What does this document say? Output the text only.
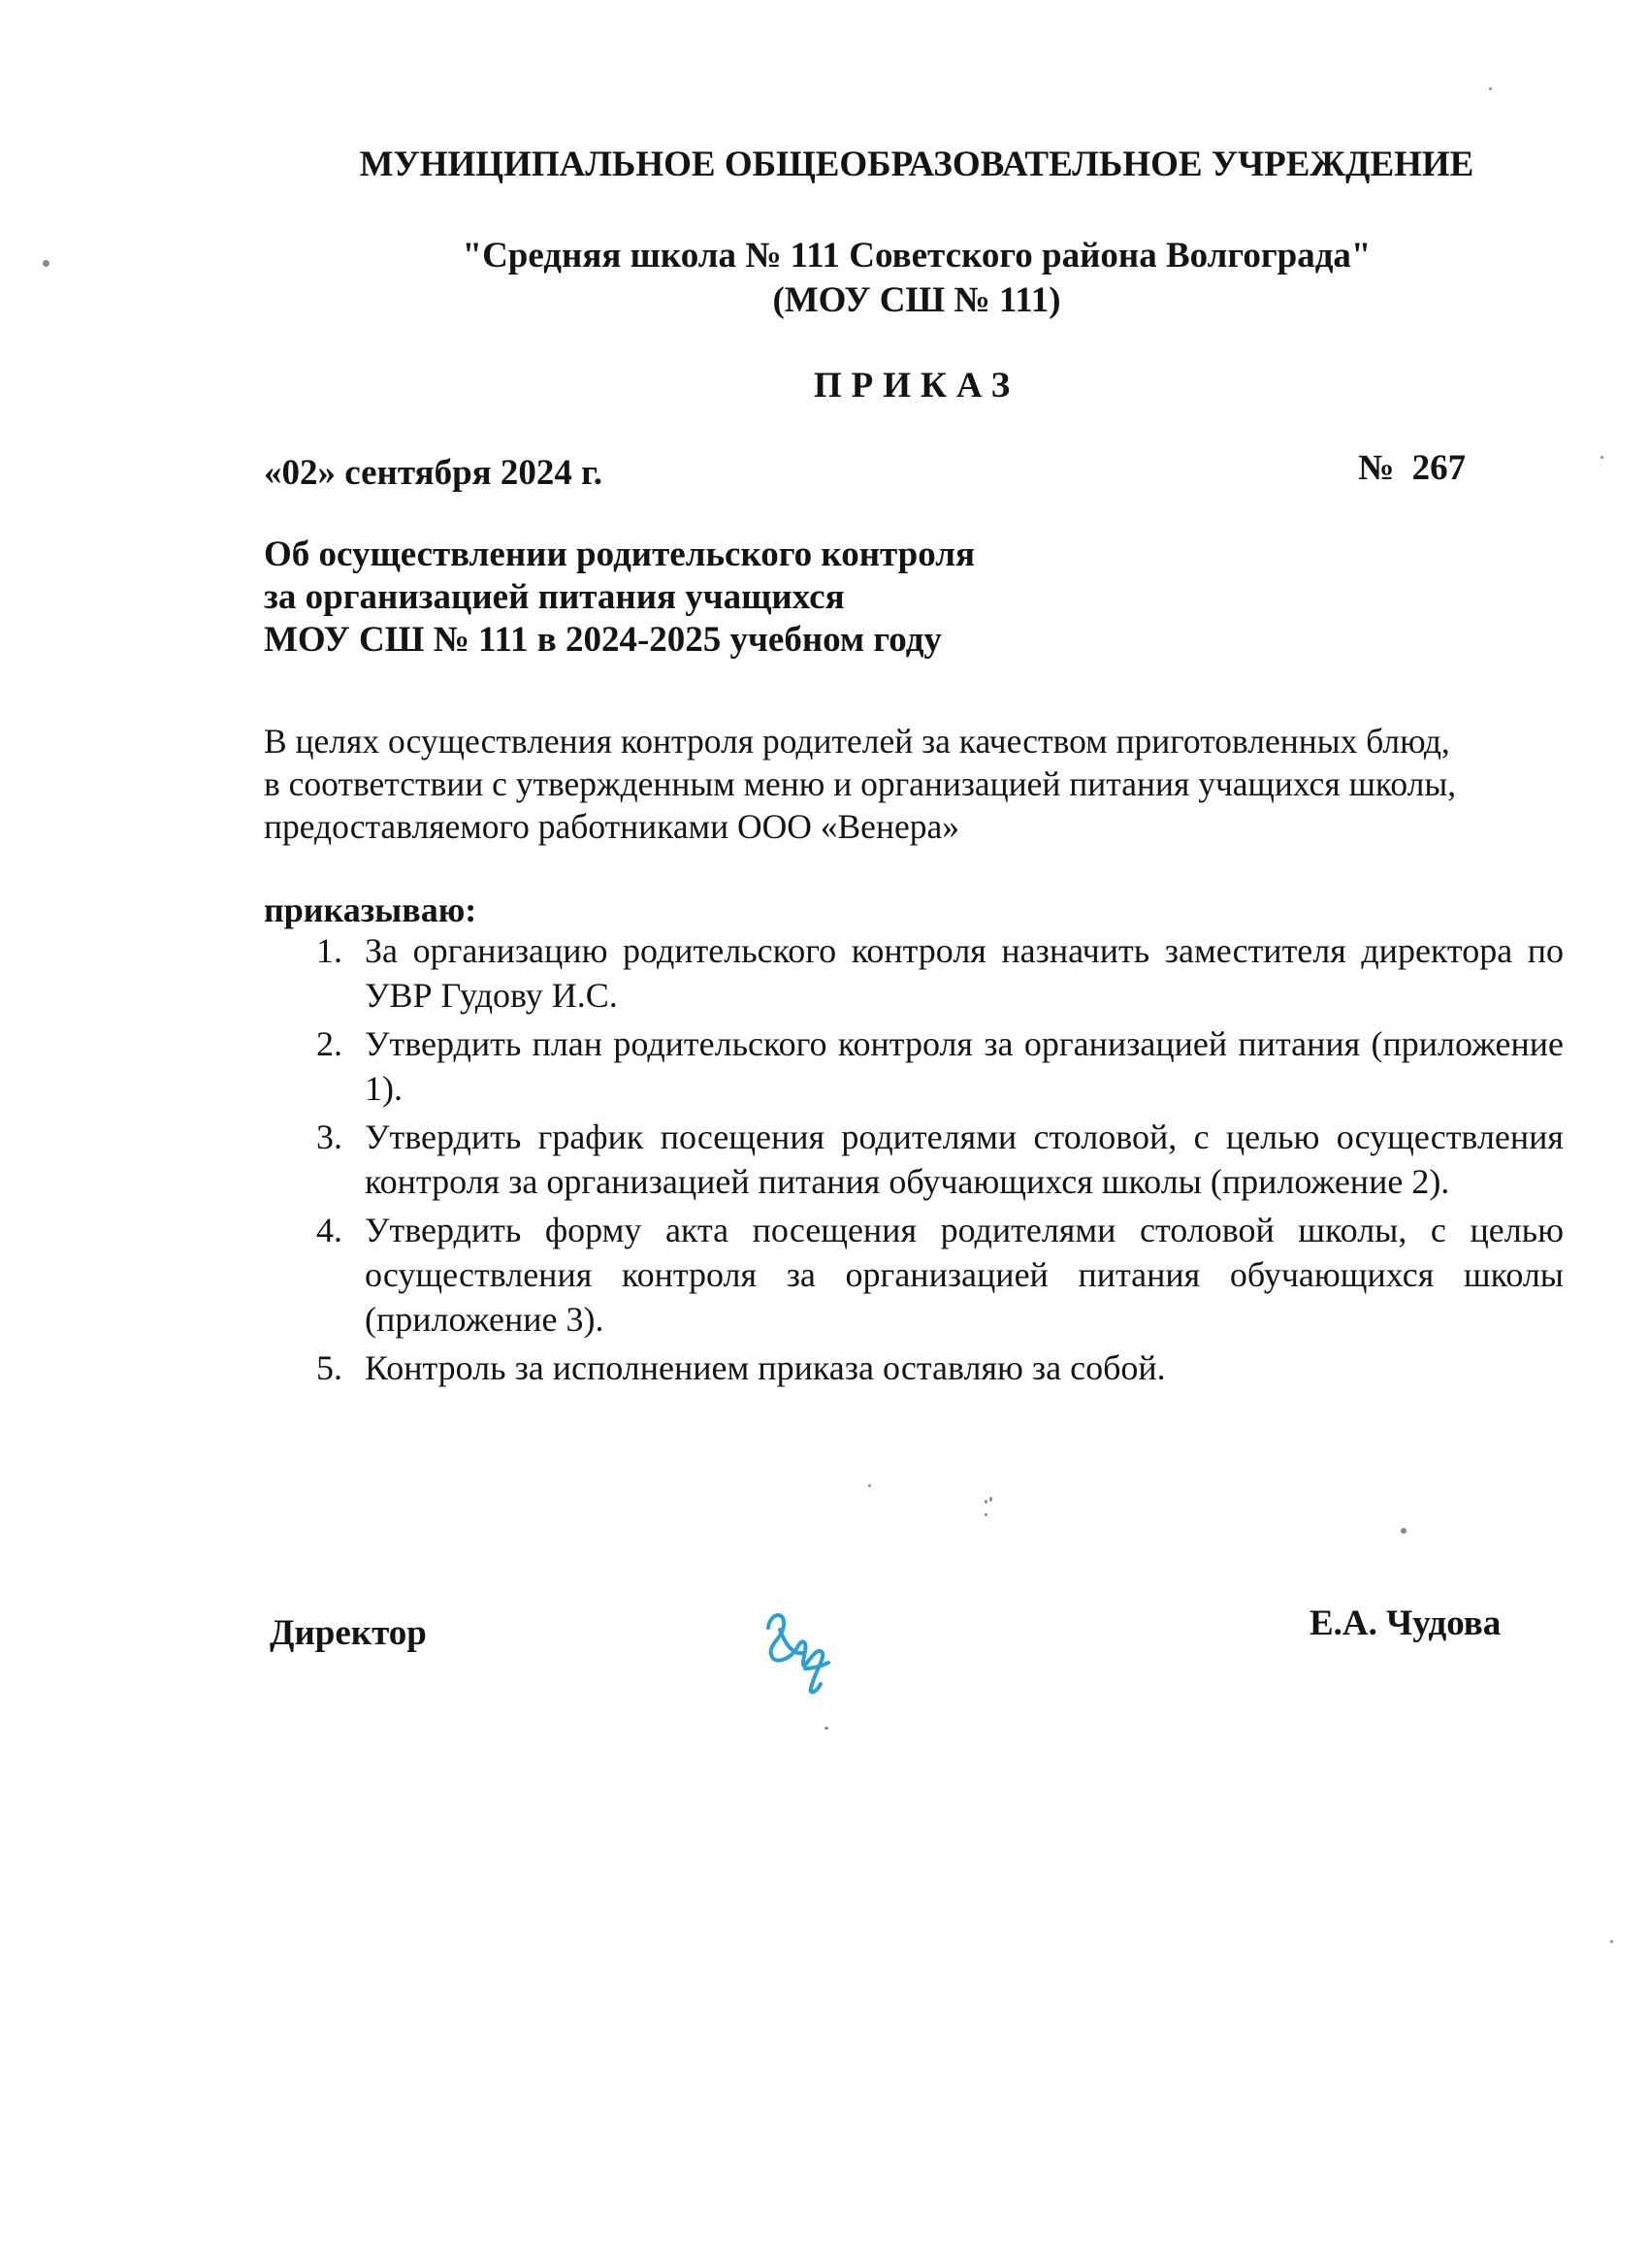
МУНИЦИПАЛЬНОЕ ОБЩЕОБРАЗОВАТЕЛЬНОЕ УЧРЕЖДЕНИЕ
"Средняя школа № 111 Советского района Волгограда"
(МОУ СШ № 111)
ПРИКАЗ
«02» сентября 2024 г.	№  267
Об осуществлении родительского контроля
за организацией питания учащихся
МОУ СШ № 111 в 2024-2025 учебном году
В целях осуществления контроля родителей за качеством приготовленных блюд,
в соответствии с утвержденным меню и организацией питания учащихся школы,
предоставляемого работниками ООО «Венера»
приказываю:
1. За организацию родительского контроля назначить заместителя директора по УВР Гудову И.С.
2. Утвердить план родительского контроля за организацией питания (приложение 1).
3. Утвердить график посещения родителями столовой, с целью осуществления контроля за организацией питания обучающихся школы (приложение 2).
4. Утвердить форму акта посещения родителями столовой школы, с целью осуществления контроля за организацией питания обучающихся школы (приложение 3).
5. Контроль за исполнением приказа оставляю за собой.
Директор	Е.А. Чудова
